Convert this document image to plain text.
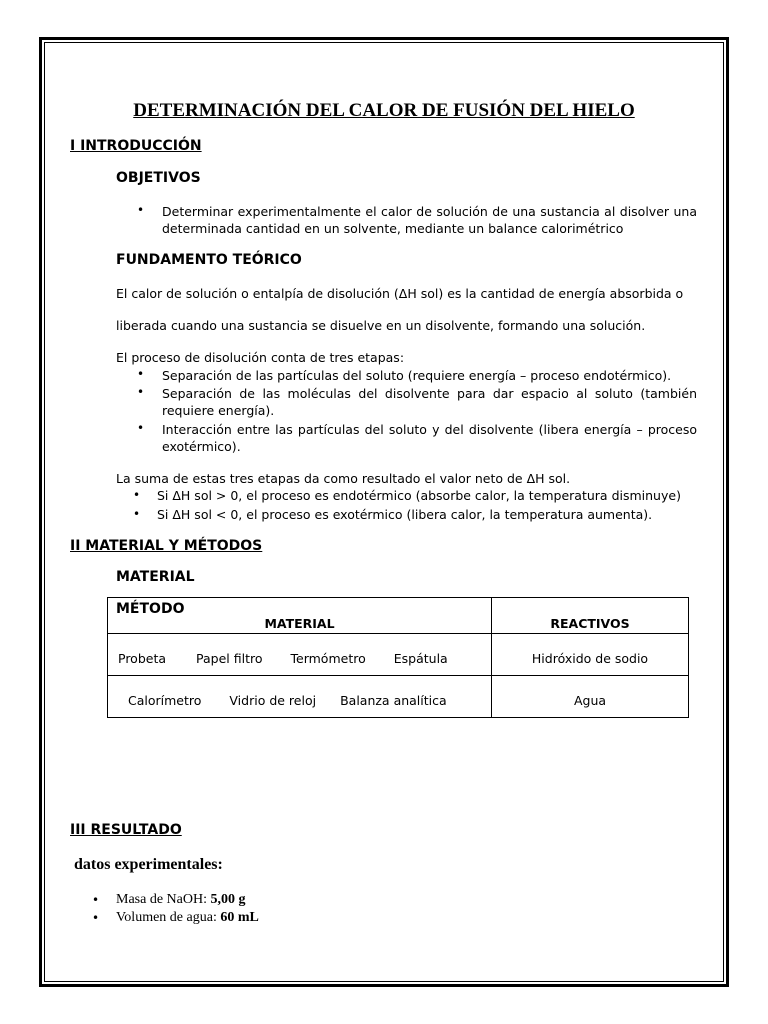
DETERMINACIÓN DEL CALOR DE FUSIÓN DEL HIELO
I INTRODUCCIÓN
OBJETIVOS
• Determinar experimentalmente el calor de solución de una sustancia al disolver una determinada cantidad en un solvente, mediante un balance calorimétrico
FUNDAMENTO TEÓRICO
El calor de solución o entalpía de disolución (ΔH sol) es la cantidad de energía absorbida o
liberada cuando una sustancia se disuelve en un disolvente, formando una solución.
El proceso de disolución conta de tres etapas:
• Separación de las partículas del soluto (requiere energía – proceso endotérmico).
• Separación de las moléculas del disolvente para dar espacio al soluto (también requiere energía).
• Interacción entre las partículas del soluto y del disolvente (libera energía – proceso exotérmico).
La suma de estas tres etapas da como resultado el valor neto de ΔH sol.
• Si ΔH sol > 0, el proceso es endotérmico (absorbe calor, la temperatura disminuye)
• Si ΔH sol < 0, el proceso es exotérmico (libera calor, la temperatura aumenta).
II MATERIAL Y MÉTODOS
MATERIAL
MATERIAL	REACTIVOS

Probeta Papel filtro Termómetro Espátula	Hidróxido de sodio

Calorímetro Vidrio de reloj Balanza analítica	Agua
MÉTODO
III RESULTADO
datos experimentales:
• Masa de NaOH: 5,00 g
• Volumen de agua: 60 mL
